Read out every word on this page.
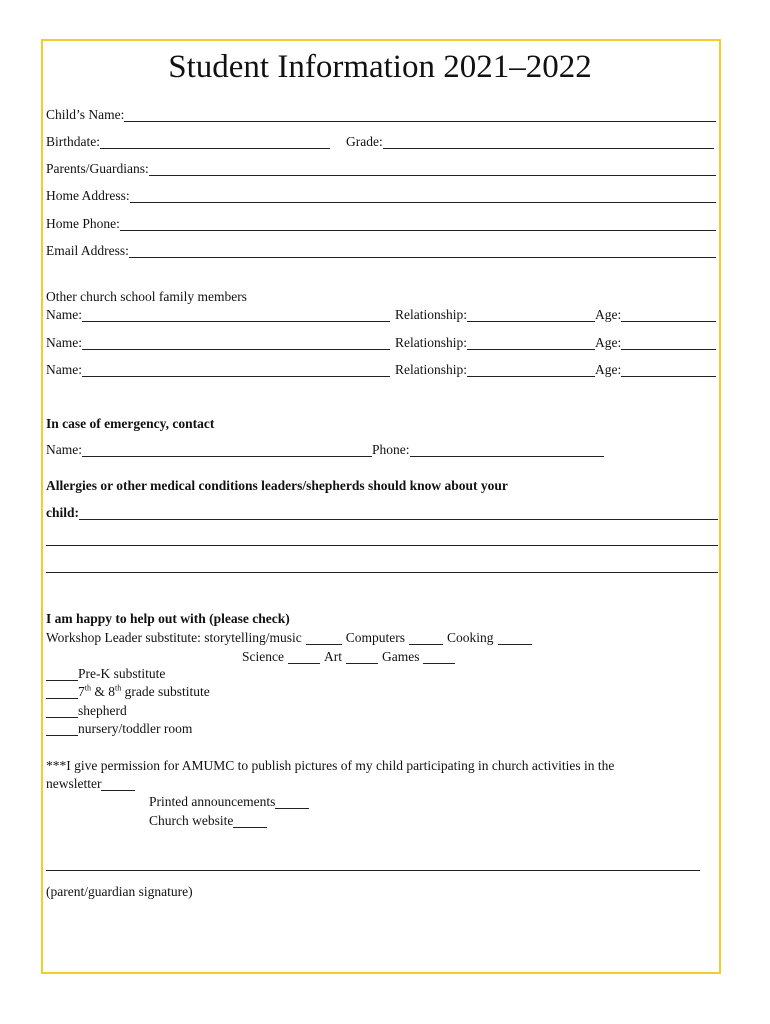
Student Information 2021–2022
Child’s Name:
Birthdate:	Grade:
Parents/Guardians:
Home Address:
Home Phone:
Email Address:
Other church school family members
Name:	Relationship:	Age:
Name:	Relationship:	Age:
Name:	Relationship:	Age:
In case of emergency, contact
Name:	Phone:
Allergies or other medical conditions leaders/shepherds should know about your
child:
I am happy to help out with (please check)
Workshop Leader substitute: storytelling/music	Computers	Cooking
Science	Art	Games
Pre-K substitute
7th & 8th grade substitute
shepherd
nursery/toddler room
***I give permission for AMUMC to publish pictures of my child participating in church activities in the
newsletter
Printed announcements
Church website
(parent/guardian signature)
